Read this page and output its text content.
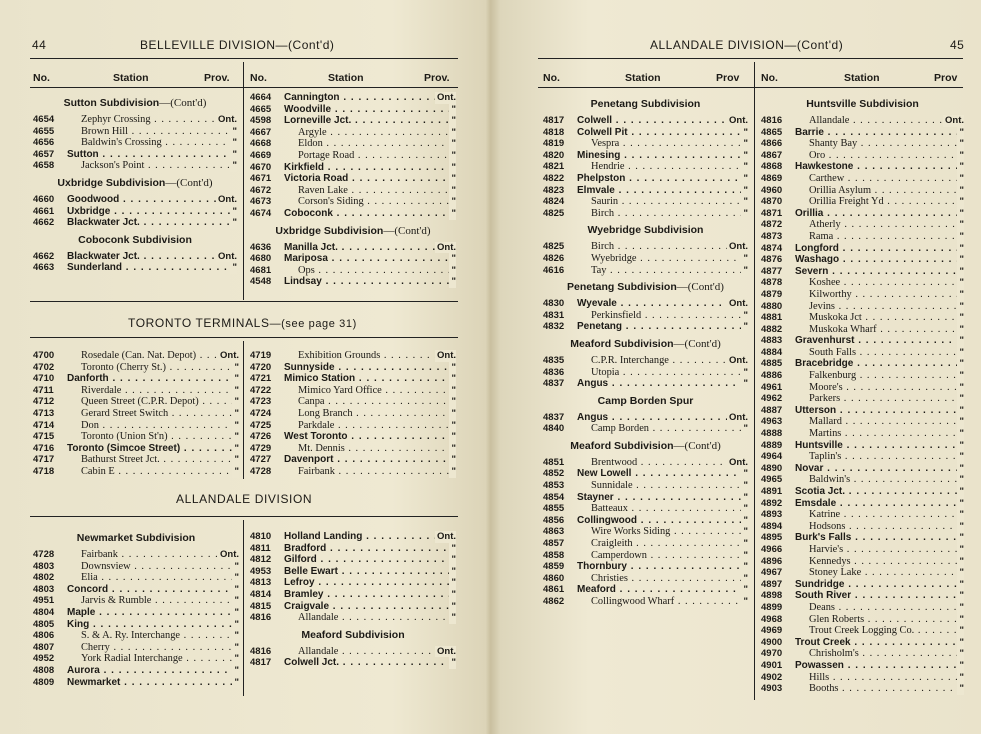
44	BELLEVILLE DIVISION—(Cont'd)
No.	Station	Prov. No.	Station	Prov.
Sutton Subdivision—(Cont'd)
4654	Zephyr Crossing . . .	Ont.
4655	Brown Hill . . .	"
4656	Baldwin's Crossing . . .	"
4657 Sutton . . .	"
4658	Jackson's Point . . .	"
Uxbridge Subdivision—(Cont'd)
4660 Goodwood . . .	Ont.
4661 Uxbridge . . .	"
4662 Blackwater Jct. . . .	"
Coboconk Subdivision
4662 Blackwater Jct. . . .	Ont.
4663 Sunderland . . .	"
4664 Cannington . . .	Ont.
4665 Woodville . . .	"
4598 Lorneville Jct. . . .	"
4667	Argyle . . .	"
4668	Eldon . . .	"
4669	Portage Road . . .	"
4670 Kirkfield . . .	"
4671 Victoria Road . . .	"
4672	Raven Lake . . .	"
4673	Corson's Siding . . .	"
4674 Coboconk . . .	"
Uxbridge Subdivision—(Cont'd)
4636 Manilla Jct. . . .	Ont.
4680 Mariposa . . .	"
4681	Ops . . .	"
4548 Lindsay . . .	"
TORONTO TERMINALS—(see page 31)
4700	Rosedale (Can. Nat. Depot) . . .	Ont.
4702	Toronto (Cherry St.) . . .	"
4710 Danforth . . .	"
4711	Riverdale . . .	"
4712	Queen Street (C.P.R. Depot) . . .	"
4713	Gerard Street Switch . . .	"
4714	Don . . .	"
4715	Toronto (Union St'n) . . .	"
4716 Toronto (Simcoe Street) . . .	"
4717	Bathurst Street Jct. . . .	"
4718	Cabin E . . .	"
4719	Exhibition Grounds . . .	Ont.
4720 Sunnyside . . .	"
4721 Mimico Station . . .	"
4722	Mimico Yard Office . . .	"
4723	Canpa . . .	"
4724	Long Branch . . .	"
4725	Parkdale . . .	"
4726 West Toronto . . .	"
4729	Mt. Dennis . . .	"
4727 Davenport . . .	"
4728	Fairbank . . .	"
ALLANDALE DIVISION
Newmarket Subdivision
4728	Fairbank . . .	Ont.
4803	Downsview . . .	"
4802	Elia . . .	"
4803 Concord . . .	"
4951	Jarvis & Rumble . . .	"
4804 Maple . . .	"
4805 King . . .	"
4806	S. & A. Ry. Interchange . . .	"
4807	Cherry . . .	"
4952	York Radial Interchange . . .	"
4808 Aurora . . .	"
4809 Newmarket . . .	"
4810 Holland Landing . . .	Ont.
4811 Bradford . . .	"
4812 Gilford . . .	"
4953 Belle Ewart . . .	"
4813 Lefroy . . .	"
4814 Bramley . . .	"
4815 Craigvale . . .	"
4816	Allandale . . .	"
Meaford Subdivision
4816	Allandale . . .	Ont.
4817 Colwell Jct. . . .	"
ALLANDALE DIVISION—(Cont'd)	45
No.	Station	Prov No.	Station	Prov
Penetang Subdivision
4817 Colwell . . .	Ont.
4818 Colwell Pit . . .	"
4819	Vespra . . .	"
4820 Minesing . . .	"
4821	Hendrie . . .	"
4822 Phelpston . . .	"
4823 Elmvale . . .	"
4824	Saurin . . .	"
4825	Birch . . .	"
Wyebridge Subdivision
4825	Birch . . .	Ont.
4826	Wyebridge . . .	"
4616	Tay . . .	"
Penetang Subdivision—(Cont'd)
4830 Wyevale . . .	Ont.
4831	Perkinsfield . . .	"
4832 Penetang . . .	"
Meaford Subdivision—(Cont'd)
4835	C.P.R. Interchange . . .	Ont.
4836	Utopia . . .	"
4837 Angus . . .	"
Camp Borden Spur
4837 Angus . . .	Ont.
4840	Camp Borden . . .	"
Meaford Subdivision—(Cont'd)
4851	Brentwood . . .	Ont.
4852 New Lowell . . .	"
4853	Sunnidale . . .	"
4854 Stayner . . .	"
4855	Batteaux . . .	"
4856 Collingwood . . .	"
4863	Wire Works Siding . . .	"
4857	Craigleith . . .	"
4858	Camperdown . . .	"
4859 Thornbury . . .	"
4860	Christies . . .	"
4861 Meaford . . .	"
4862	Collingwood Wharf . . .	"
Huntsville Subdivision
4816	Allandale . . .	Ont.
4865 Barrie . . .	"
4866	Shanty Bay . . .	"
4867	Oro . . .	"
4868 Hawkestone . . .	"
4869	Carthew . . .	"
4960	Orillia Asylum . . .	"
4870	Orillia Freight Yd . . .	"
4871 Orillia . . .	"
4872	Atherly . . .	"
4873	Rama . . .	"
4874 Longford . . .	"
4876 Washago . . .	"
4877 Severn . . .	"
4878	Koshee . . .	"
4879	Kilworthy . . .	"
4880	Jevins . . .	"
4881	Muskoka Jct . . .	"
4882	Muskoka Wharf . . .	"
4883 Gravenhurst . . .	"
4884	South Falls . . .	"
4885 Bracebridge . . .	"
4886	Falkenburg . . .	"
4961	Moore's . . .	"
4962	Parkers . . .	"
4887 Utterson . . .	"
4963	Mallard . . .	"
4888	Martins . . .	"
4889 Huntsville . . .	"
4964	Taplin's . . .	"
4890 Novar . . .	"
4965	Baldwin's . . .	"
4891 Scotia Jct. . . .	"
4892 Emsdale . . .	"
4893	Katrine . . .	"
4894	Hodsons . . .	"
4895 Burk's Falls . . .	"
4966	Harvie's . . .	"
4896	Kennedys . . .	"
4967	Stoney Lake . . .	"
4897 Sundridge . . .	"
4898 South River . . .	"
4899	Deans . . .	"
4968	Glen Roberts . . .	"
4969	Trout Creek Logging Co. . . .	"
4900 Trout Creek . . .	"
4970	Chrisholm's . . .	"
4901 Powassen . . .	"
4902	Hills . . .	"
4903	Booths . . .	"
